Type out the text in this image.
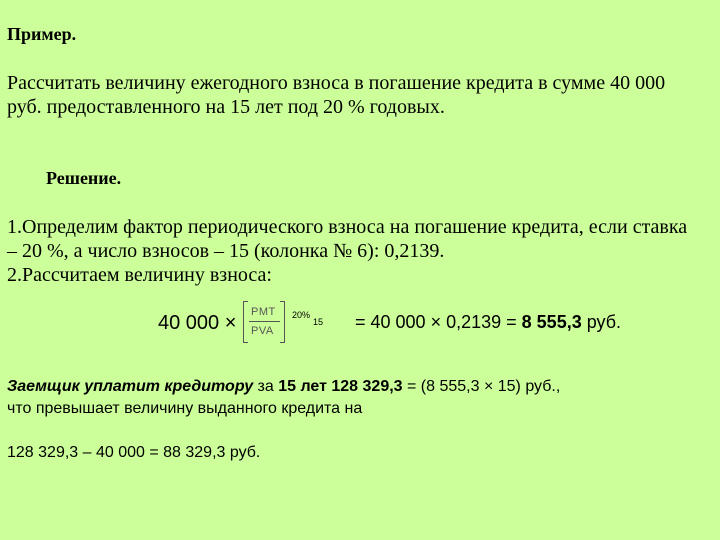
Пример.
Рассчитать величину ежегодного взноса в погашение кредита в сумме 40 000
руб. предоставленного на 15 лет под 20 % годовых.
Решение.
1.Определим фактор периодического взноса на погашение кредита, если ставка
– 20 %, а число взносов – 15 (колонка № 6): 0,2139.
2.Рассчитаем величину взноса:
40 000 × PMT
PVA
20%
15 = 40 000 × 0,2139 = 8 555,3 руб.
Заемщик уплатит кредитору за 15 лет 128 329,3 = (8 555,3 × 15) руб.,
что превышает величину выданного кредита на
128 329,3 – 40 000 = 88 329,3 руб.
